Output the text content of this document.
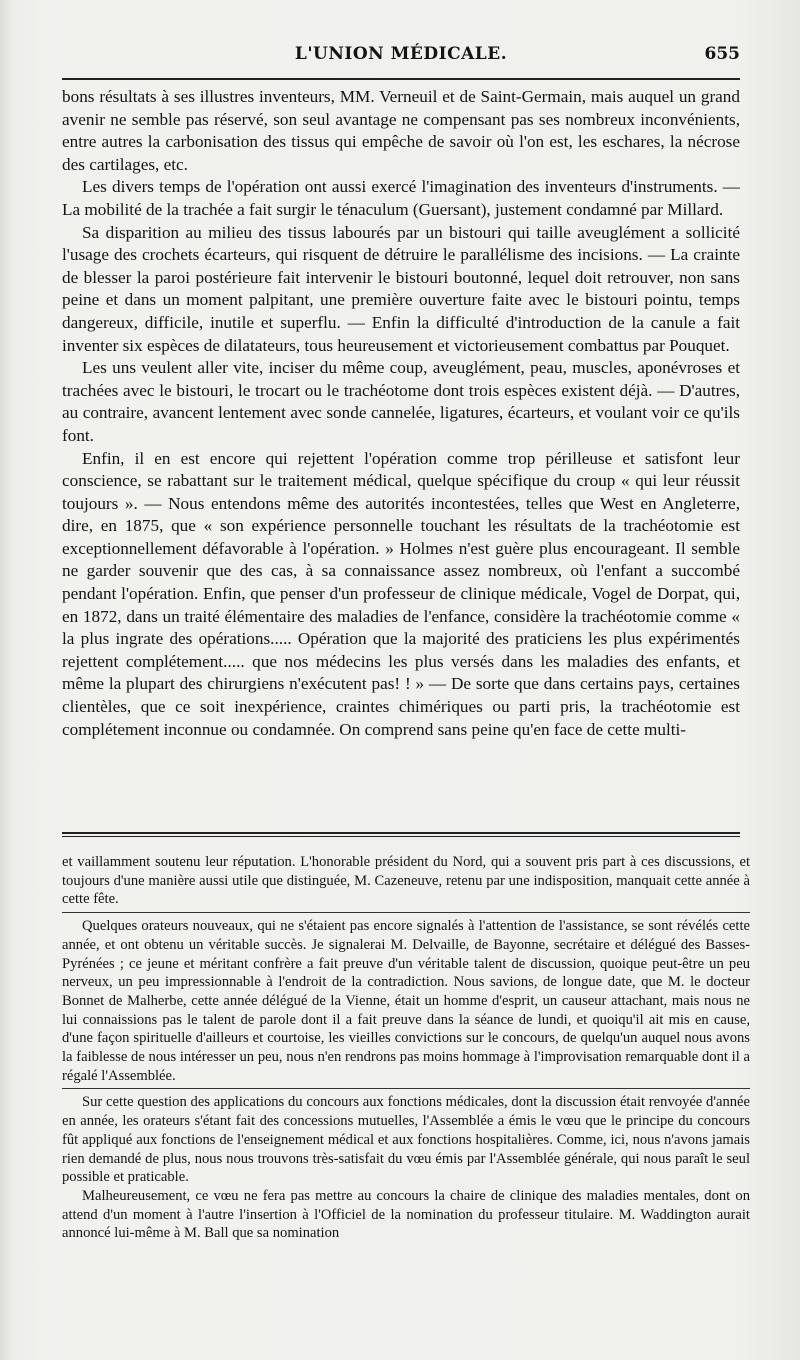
L'UNION MÉDICALE.	655

bons résultats à ses illustres inventeurs, MM. Verneuil et de Saint-Germain, mais auquel un grand avenir ne semble pas réservé, son seul avantage ne compensant pas ses nombreux inconvénients, entre autres la carbonisation des tissus qui empêche de savoir où l'on est, les eschares, la nécrose des cartilages, etc.

Les divers temps de l'opération ont aussi exercé l'imagination des inventeurs d'instruments. — La mobilité de la trachée a fait surgir le ténaculum (Guersant), justement condamné par Millard.

Sa disparition au milieu des tissus labourés par un bistouri qui taille aveuglément a sollicité l'usage des crochets écarteurs, qui risquent de détruire le parallélisme des incisions. — La crainte de blesser la paroi postérieure fait intervenir le bistouri boutonné, lequel doit retrouver, non sans peine et dans un moment palpitant, une première ouverture faite avec le bistouri pointu, temps dangereux, difficile, inutile et superflu. — Enfin la difficulté d'introduction de la canule a fait inventer six espèces de dilatateurs, tous heureusement et victorieusement combattus par Pouquet.

Les uns veulent aller vite, inciser du même coup, aveuglément, peau, muscles, aponévroses et trachées avec le bistouri, le trocart ou le trachéotome dont trois espèces existent déjà. — D'autres, au contraire, avancent lentement avec sonde cannelée, ligatures, écarteurs, et voulant voir ce qu'ils font.

Enfin, il en est encore qui rejettent l'opération comme trop périlleuse et satisfont leur conscience, se rabattant sur le traitement médical, quelque spécifique du croup « qui leur réussit toujours ». — Nous entendons même des autorités incontestées, telles que West en Angleterre, dire, en 1875, que « son expérience personnelle touchant les résultats de la trachéotomie est exceptionnellement défavorable à l'opération. » Holmes n'est guère plus encourageant. Il semble ne garder souvenir que des cas, à sa connaissance assez nombreux, où l'enfant a succombé pendant l'opération. Enfin, que penser d'un professeur de clinique médicale, Vogel de Dorpat, qui, en 1872, dans un traité élémentaire des maladies de l'enfance, considère la trachéotomie comme « la plus ingrate des opérations..... Opération que la majorité des praticiens les plus expérimentés rejettent complétement..... que nos médecins les plus versés dans les maladies des enfants, et même la plupart des chirurgiens n'exécutent pas! ! » — De sorte que dans certains pays, certaines clientèles, que ce soit inexpérience, craintes chimériques ou parti pris, la trachéotomie est complétement inconnue ou condamnée. On comprend sans peine qu'en face de cette multi-

et vaillamment soutenu leur réputation. L'honorable président du Nord, qui a souvent pris part à ces discussions, et toujours d'une manière aussi utile que distinguée, M. Cazeneuve, retenu par une indisposition, manquait cette année à cette fête.

Quelques orateurs nouveaux, qui ne s'étaient pas encore signalés à l'attention de l'assistance, se sont révélés cette année, et ont obtenu un véritable succès. Je signalerai M. Delvaille, de Bayonne, secrétaire et délégué des Basses-Pyrénées ; ce jeune et méritant confrère a fait preuve d'un véritable talent de discussion, quoique peut-être un peu nerveux, un peu impressionnable à l'endroit de la contradiction. Nous savions, de longue date, que M. le docteur Bonnet de Malherbe, cette année délégué de la Vienne, était un homme d'esprit, un causeur attachant, mais nous ne lui connaissions pas le talent de parole dont il a fait preuve dans la séance de lundi, et quoiqu'il ait mis en cause, d'une façon spirituelle d'ailleurs et courtoise, les vieilles convictions sur le concours, de quelqu'un auquel nous avons la faiblesse de nous intéresser un peu, nous n'en rendrons pas moins hommage à l'improvisation remarquable dont il a régalé l'Assemblée.

Sur cette question des applications du concours aux fonctions médicales, dont la discussion était renvoyée d'année en année, les orateurs s'étant fait des concessions mutuelles, l'Assemblée a émis le vœu que le principe du concours fût appliqué aux fonctions de l'enseignement médical et aux fonctions hospitalières. Comme, ici, nous n'avons jamais rien demandé de plus, nous nous trouvons très-satisfait du vœu émis par l'Assemblée générale, qui nous paraît le seul possible et praticable.

Malheureusement, ce vœu ne fera pas mettre au concours la chaire de clinique des maladies mentales, dont on attend d'un moment à l'autre l'insertion à l'Officiel de la nomination du professeur titulaire. M. Waddington aurait annoncé lui-même à M. Ball que sa nomination
